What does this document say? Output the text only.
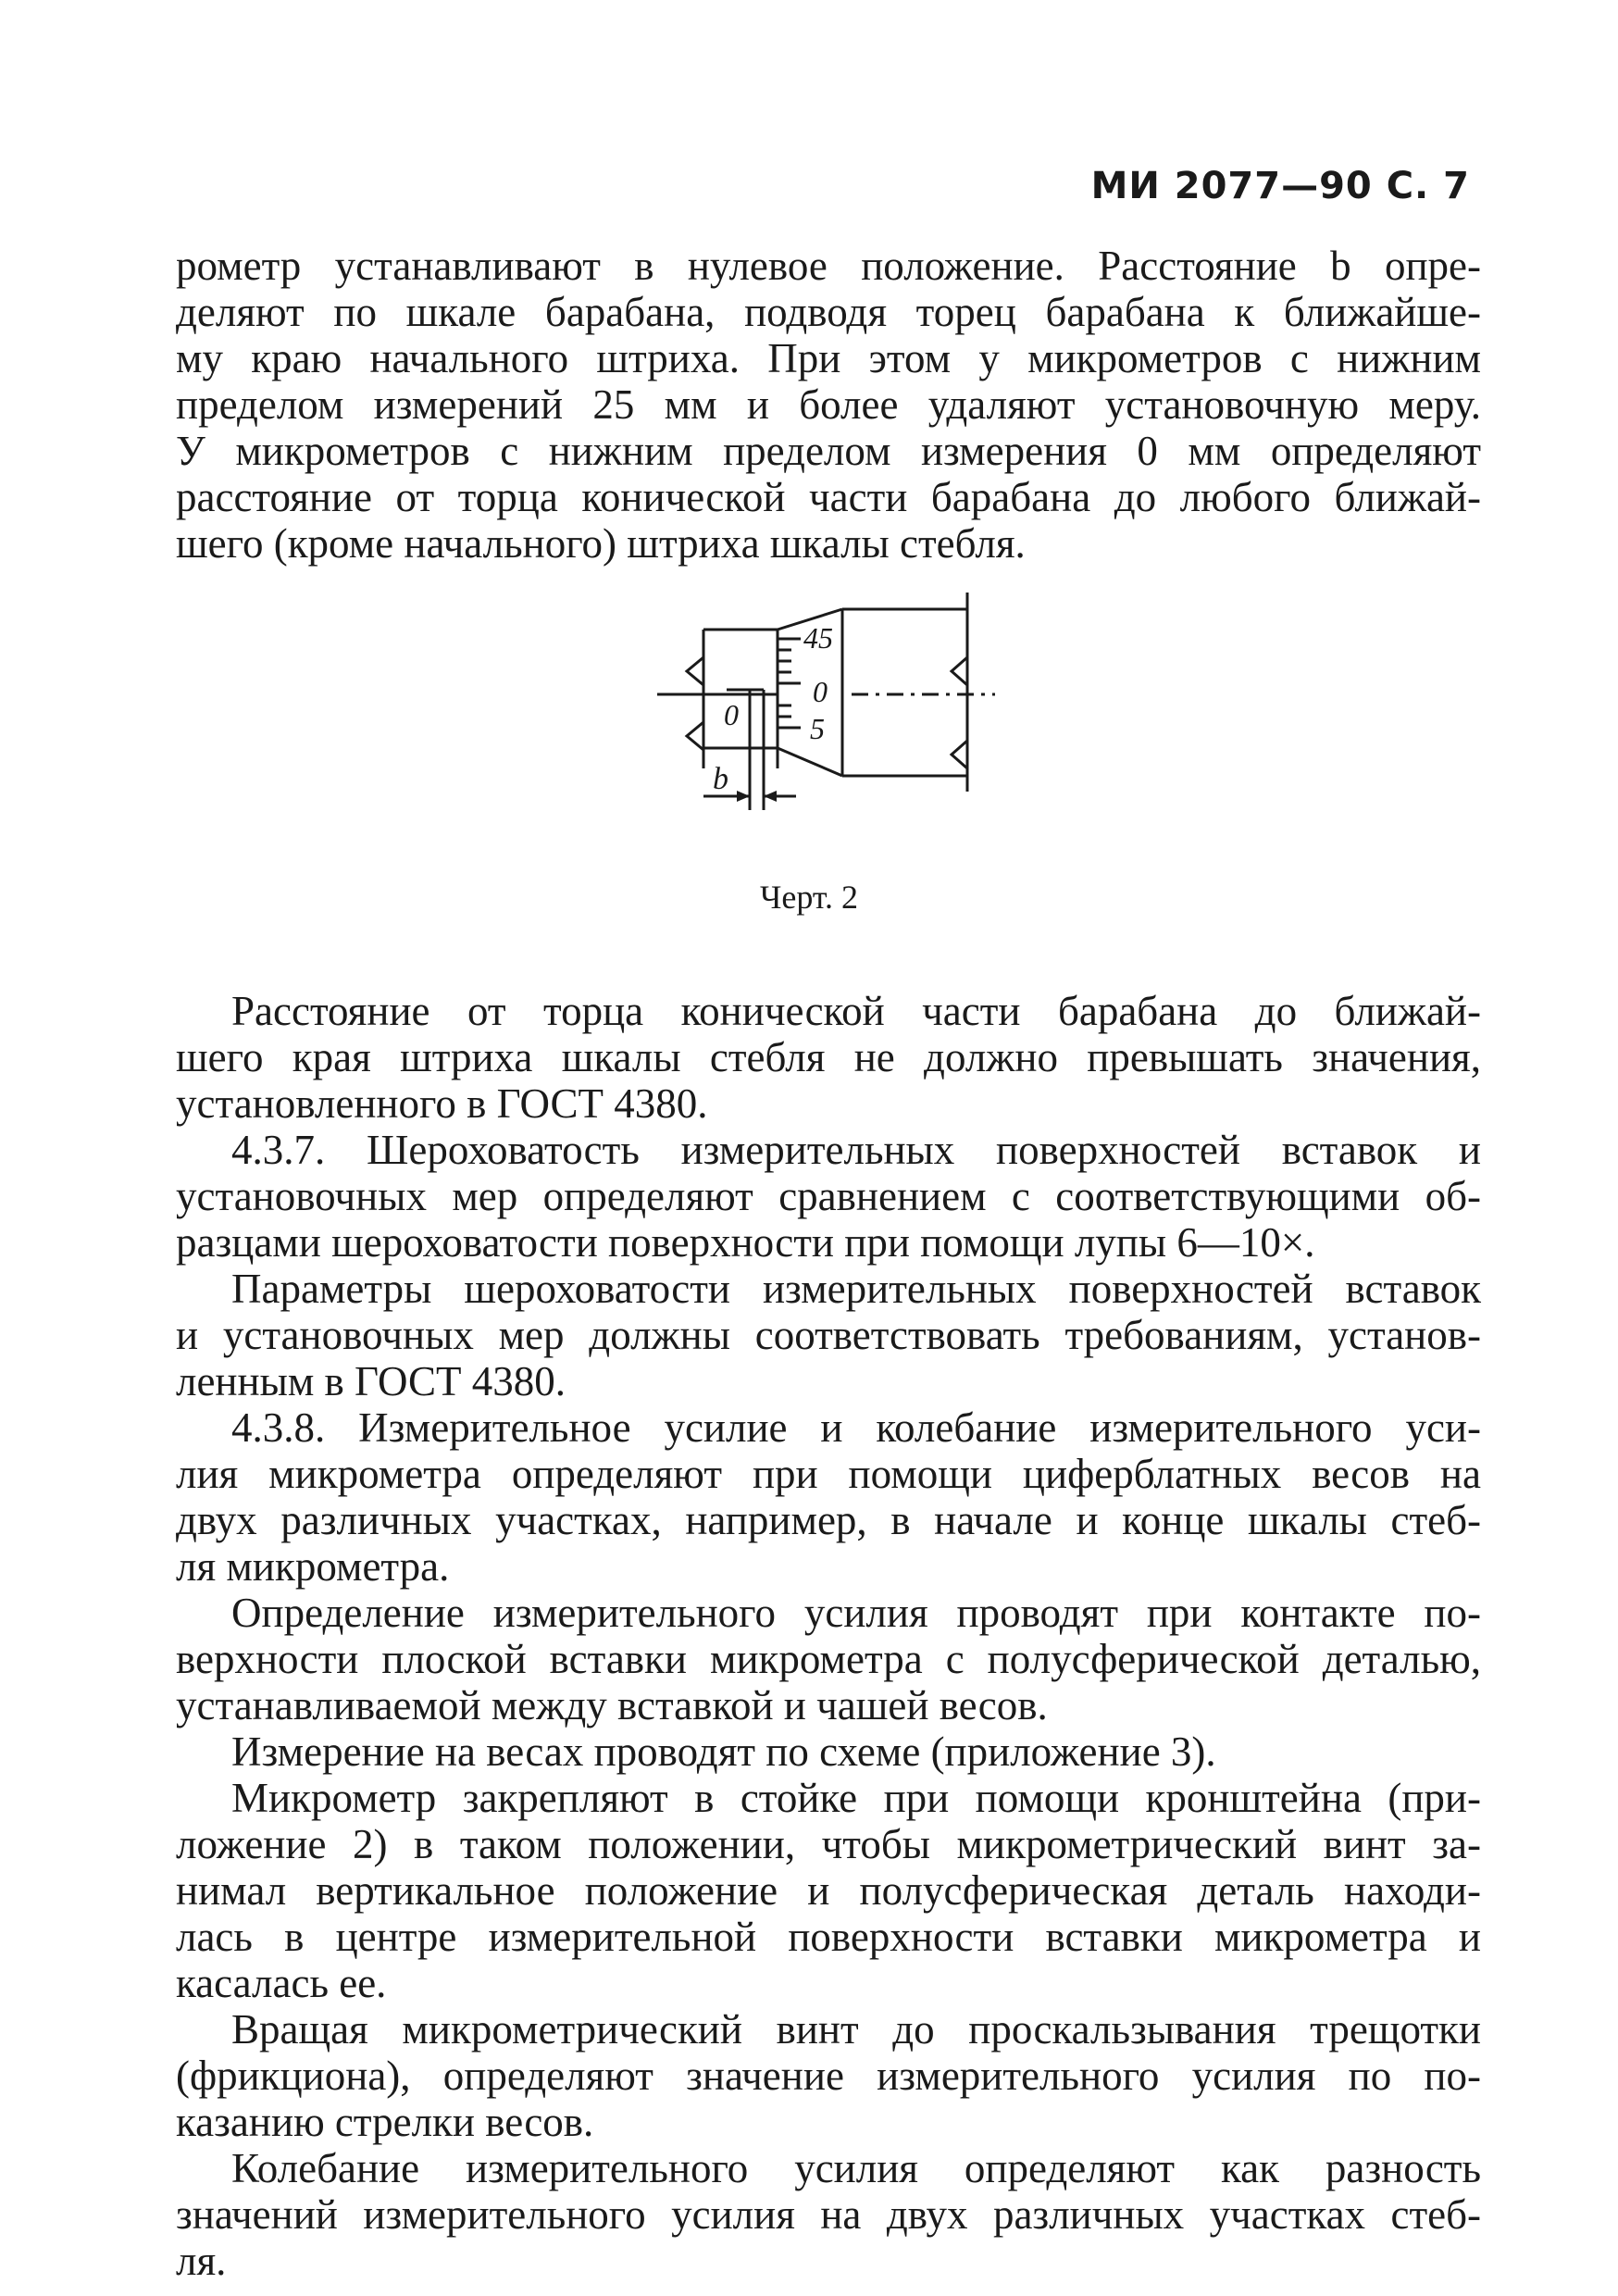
МИ 2077—90 С. 7
рометр устанавливают в нулевое положение. Расстояние b опре-
деляют по шкале барабана, подводя торец барабана к ближайше-
му краю начального штриха. При этом у микрометров с нижним
пределом измерений 25 мм и более удаляют установочную меру.
У микрометров с нижним пределом измерения 0 мм определяют
расстояние от торца конической части барабана до любого ближай-
шего (кроме начального) штриха шкалы стебля.
45
0
5
0
b
Черт. 2
Расстояние от торца конической части барабана до ближай-
шего края штриха шкалы стебля не должно превышать значения,
установленного в ГОСТ 4380.
4.3.7. Шероховатость измерительных поверхностей вставок и
установочных мер определяют сравнением с соответствующими об-
разцами шероховатости поверхности при помощи лупы 6—10×.
Параметры шероховатости измерительных поверхностей вставок
и установочных мер должны соответствовать требованиям, установ-
ленным в ГОСТ 4380.
4.3.8. Измерительное усилие и колебание измерительного уси-
лия микрометра определяют при помощи циферблатных весов на
двух различных участках, например, в начале и конце шкалы стеб-
ля микрометра.
Определение измерительного усилия проводят при контакте по-
верхности плоской вставки микрометра с полусферической деталью,
устанавливаемой между вставкой и чашей весов.
Измерение на весах проводят по схеме (приложение 3).
Микрометр закрепляют в стойке при помощи кронштейна (при-
ложение 2) в таком положении, чтобы микрометрический винт за-
нимал вертикальное положение и полусферическая деталь находи-
лась в центре измерительной поверхности вставки микрометра и
касалась ее.
Вращая микрометрический винт до проскальзывания трещотки
(фрикциона), определяют значение измерительного усилия по по-
казанию стрелки весов.
Колебание измерительного усилия определяют как разность
значений измерительного усилия на двух различных участках стеб-
ля.
